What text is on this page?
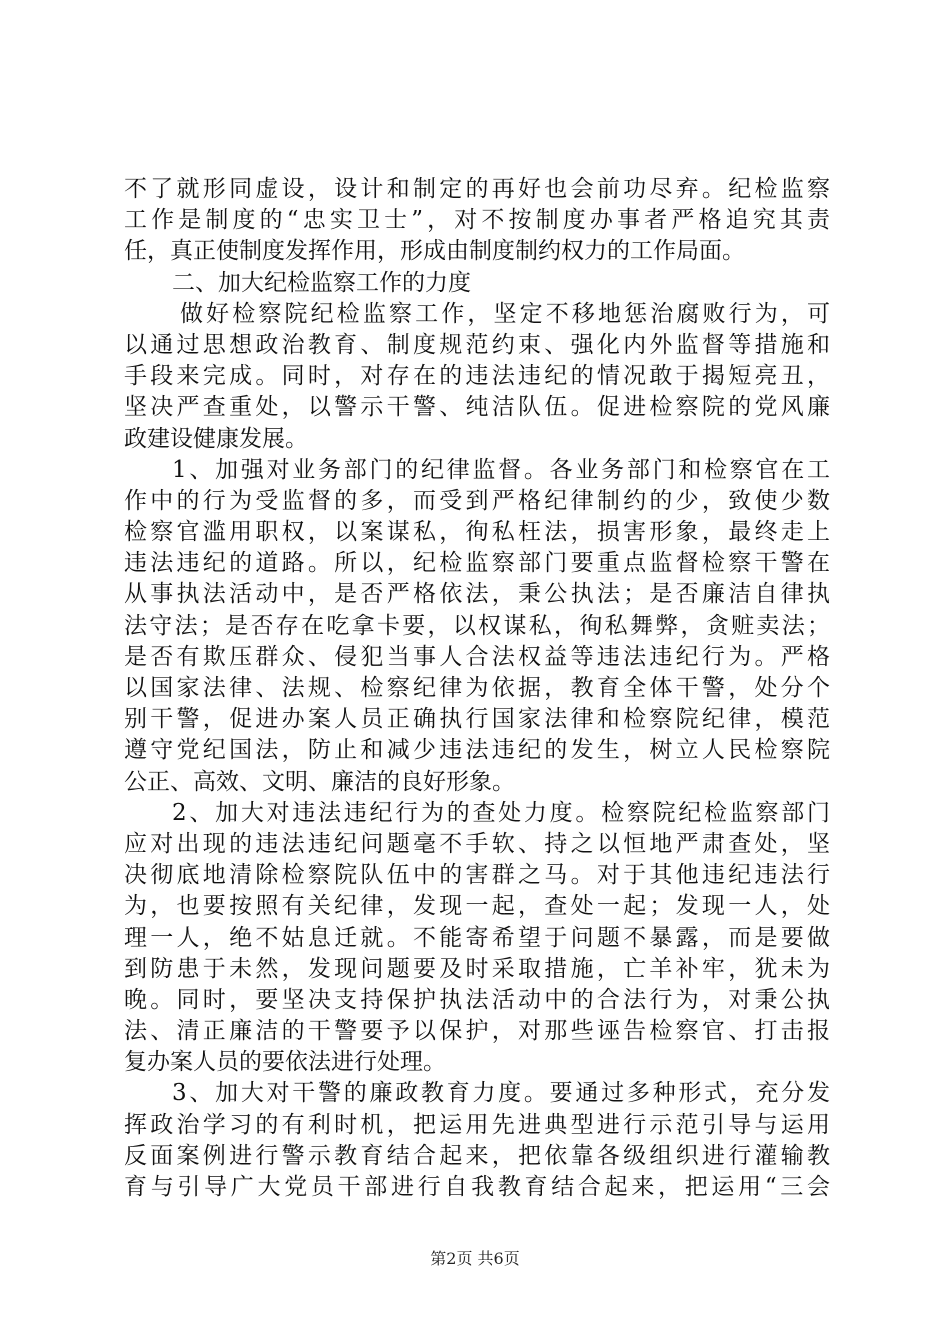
不了就形同虚设，设计和制定的再好也会前功尽弃。纪检监察
工作是制度的“忠实卫士”，对不按制度办事者严格追究其责
任，真正使制度发挥作用，形成由制度制约权力的工作局面。
二、加大纪检监察工作的力度
做好检察院纪检监察工作，坚定不移地惩治腐败行为，可
以通过思想政治教育、制度规范约束、强化内外监督等措施和
手段来完成。同时，对存在的违法违纪的情况敢于揭短亮丑，
坚决严查重处，以警示干警、纯洁队伍。促进检察院的党风廉
政建设健康发展。
1、加强对业务部门的纪律监督。各业务部门和检察官在工
作中的行为受监督的多，而受到严格纪律制约的少，致使少数
检察官滥用职权，以案谋私，徇私枉法，损害形象，最终走上
违法违纪的道路。所以，纪检监察部门要重点监督检察干警在
从事执法活动中，是否严格依法，秉公执法；是否廉洁自律执
法守法；是否存在吃拿卡要，以权谋私，徇私舞弊，贪赃卖法；
是否有欺压群众、侵犯当事人合法权益等违法违纪行为。严格
以国家法律、法规、检察纪律为依据，教育全体干警，处分个
别干警，促进办案人员正确执行国家法律和检察院纪律，模范
遵守党纪国法，防止和减少违法违纪的发生，树立人民检察院
公正、高效、文明、廉洁的良好形象。
2、加大对违法违纪行为的查处力度。检察院纪检监察部门
应对出现的违法违纪问题毫不手软、持之以恒地严肃查处，坚
决彻底地清除检察院队伍中的害群之马。对于其他违纪违法行
为，也要按照有关纪律，发现一起，查处一起；发现一人，处
理一人，绝不姑息迁就。不能寄希望于问题不暴露，而是要做
到防患于未然，发现问题要及时采取措施，亡羊补牢，犹未为
晚。同时，要坚决支持保护执法活动中的合法行为，对秉公执
法、清正廉洁的干警要予以保护，对那些诬告检察官、打击报
复办案人员的要依法进行处理。
3、加大对干警的廉政教育力度。要通过多种形式，充分发
挥政治学习的有利时机，把运用先进典型进行示范引导与运用
反面案例进行警示教育结合起来，把依靠各级组织进行灌输教
育与引导广大党员干部进行自我教育结合起来，把运用“三会
第2页 共6页
